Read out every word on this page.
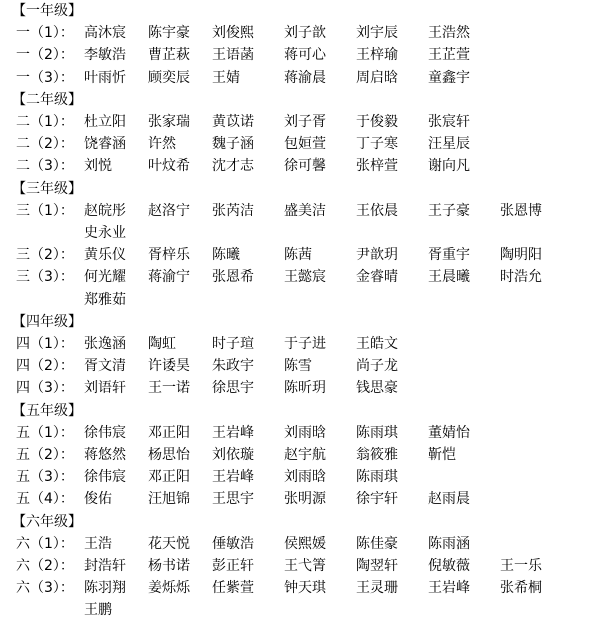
【一年级】
一（1）： 高沐宸 陈宇豪 刘俊熙 刘子歆 刘宇辰 王浩然
一（2）： 李敏浩 曹芷萩 王语菡 蒋可心 王梓瑜 王芷萱
一（3）： 叶雨忻 顾奕辰 王婧	蒋渝晨 周启晗 童鑫宇
【二年级】
二（1）： 杜立阳 张家瑞 黄苡诺 刘子胥 于俊毅 张宸轩
二（2）： 饶睿涵 许然	魏子涵 包姮萱 丁子寒 汪星辰
二（3）： 刘悦	叶炆希 沈才志 徐可馨 张梓萱 谢向凡
【三年级】
三（1）： 赵皖彤 赵洛宁 张芮洁 盛美洁 王依晨 王子豪 张恩博
史永业
三（2）： 黄乐仪 胥梓乐 陈曦	陈茜	尹歆玥 胥重宇 陶明阳
三（3）： 何光耀 蒋渝宁 张恩希 王懿宸 金睿晴 王晨曦 时浩允
郑雅茹
【四年级】
四（1）： 张逸涵 陶虹	时子瑄 于子进 王皓文
四（2）： 胥文清 许诿昊 朱政宇 陈雪	尚子龙
四（3）： 刘语轩 王一诺 徐思宇 陈昕玥 钱思豪
【五年级】
五（1）： 徐伟宸 邓正阳 王岩峰 刘雨晗 陈雨琪 董婧怡
五（2）： 蒋悠然 杨思怡 刘依璇 赵宇航 翁筱雅 靳恺
五（3）： 徐伟宸 邓正阳 王岩峰 刘雨晗 陈雨琪
五（4）： 俊佑	汪旭锦 王思宇 张明源 徐宇轩 赵雨晨
【六年级】
六（1）： 王浩	花天悦 倕敏浩 侯熙媛 陈佳豪 陈雨涵
六（2）： 封浩轩 杨书诺 彭正轩 王弋箐 陶翌轩 倪敏薇 王一乐
六（3）： 陈羽翔 姜烁烁 任紫萱 钟天琪 王灵珊 王岩峰 张希桐
王鹏
